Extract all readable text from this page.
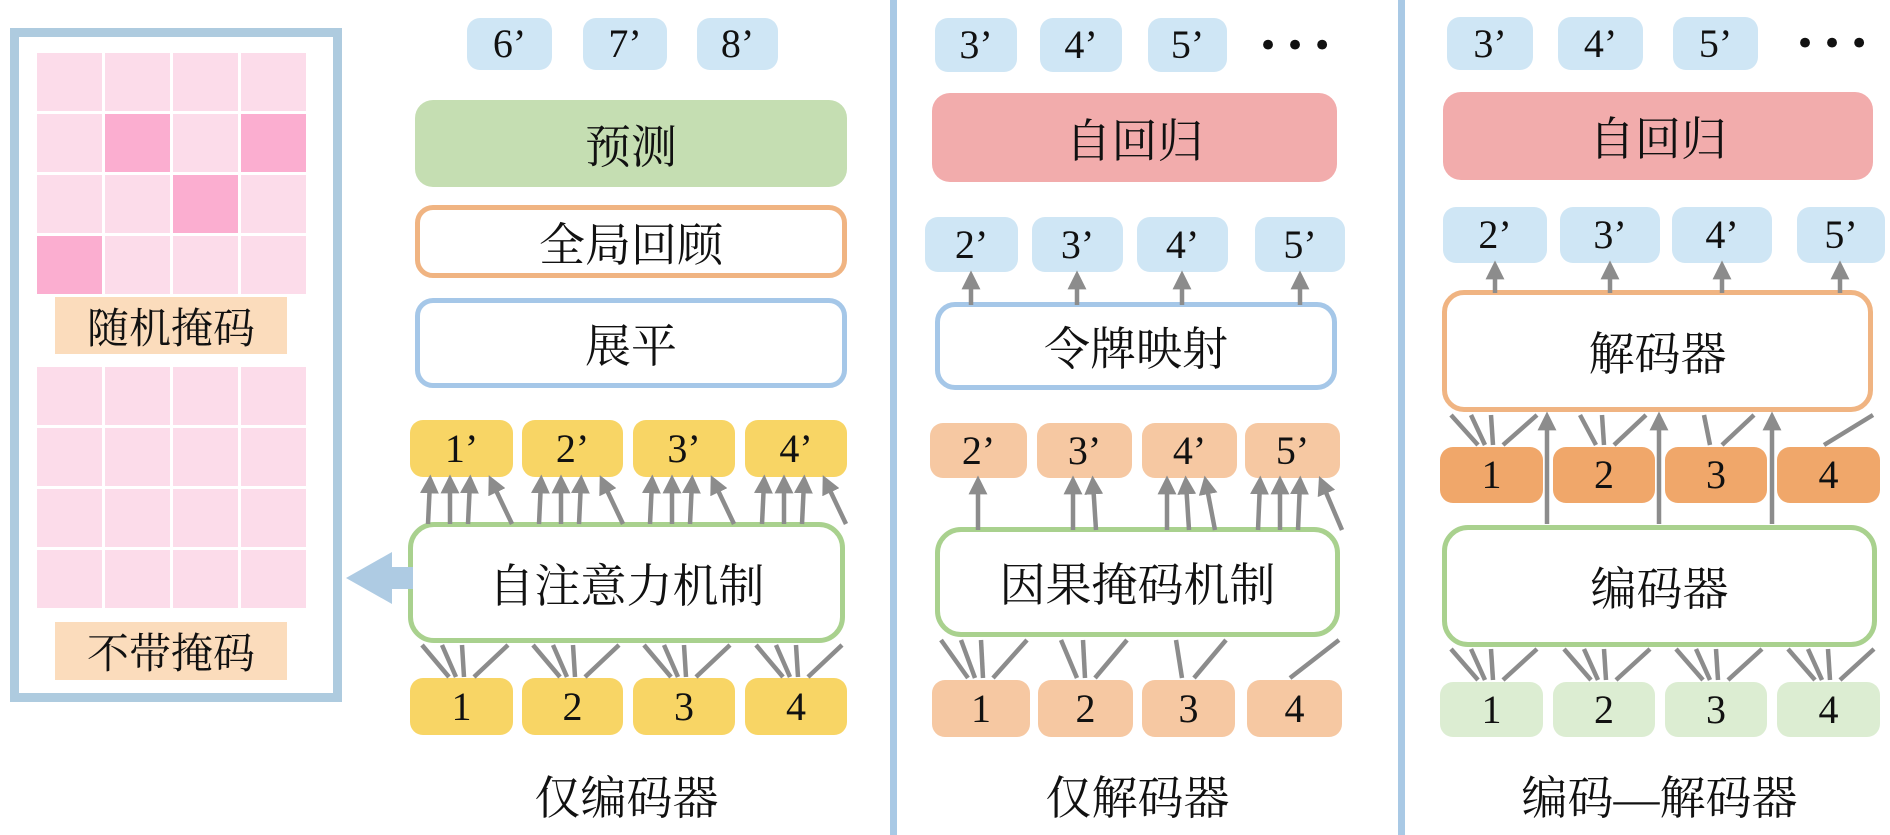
随机掩码
不带掩码
6’	7’	8’
预测
全局回顾
展平
1’	2’	3’	4’
自注意力机制
1	2	3	4
仅编码器
3’	4’	5’	•••
自回归
2’	3’	4’	5’
令牌映射
2’	3’	4’	5’
因果掩码机制
1	2	3	4
仅解码器
3’	4’	5’	•••
自回归
2’	3’	4’	5’
解码器
1	2	3	4
编码器
1	2	3	4
编码—解码器
